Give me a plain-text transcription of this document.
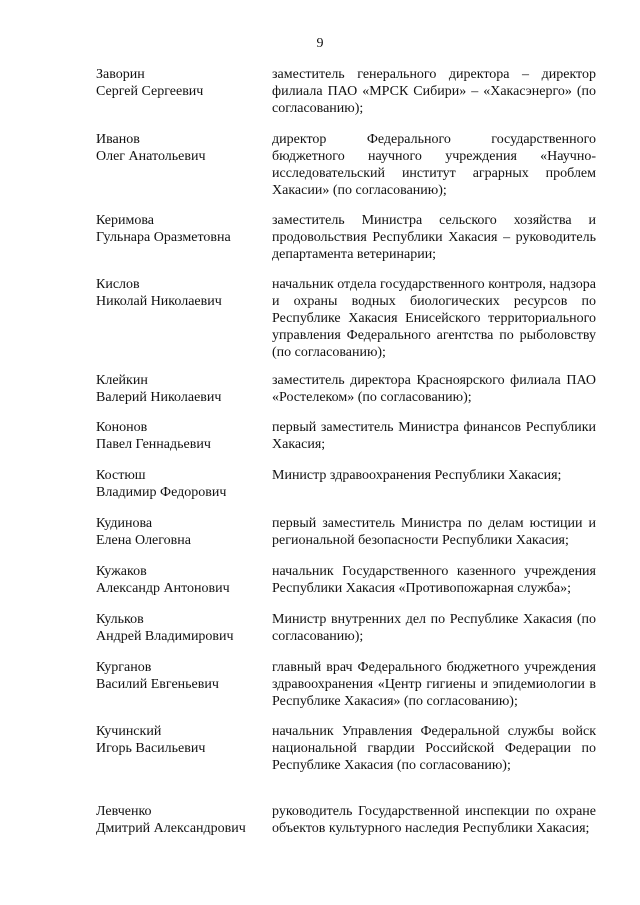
9
Заворин
Сергей Сергеевич
заместитель генерального директора – директор филиала ПАО «МРСК Сибири» – «Хакасэнерго» (по согласованию);
Иванов
Олег Анатольевич
директор Федерального государственного бюджетного научного учреждения «Научно-исследовательский институт аграрных проблем Хакасии» (по согласованию);
Керимова
Гульнара Оразметовна
заместитель Министра сельского хозяйства и продовольствия Республики Хакасия – руководитель департамента ветеринарии;
Кислов
Николай Николаевич
начальник отдела государственного контроля, надзора и охраны водных биологических ресурсов по Республике Хакасия Енисейского территориального управления Федерального агентства по рыболовству (по согласованию);
Клейкин
Валерий Николаевич
заместитель директора Красноярского филиала ПАО «Ростелеком» (по согласованию);
Кононов
Павел Геннадьевич
первый заместитель Министра финансов Республики Хакасия;
Костюш
Владимир Федорович
Министр здравоохранения Республики Хакасия;
Кудинова
Елена Олеговна
первый заместитель Министра по делам юстиции и региональной безопасности Республики Хакасия;
Кужаков
Александр Антонович
начальник Государственного казенного учреждения Республики Хакасия «Противопожарная служба»;
Кульков
Андрей Владимирович
Министр внутренних дел по Республике Хакасия (по согласованию);
Курганов
Василий Евгеньевич
главный врач Федерального бюджетного учреждения здравоохранения «Центр гигиены и эпидемиологии в Республике Хакасия» (по согласованию);
Кучинский
Игорь Васильевич
начальник Управления Федеральной службы войск национальной гвардии Российской Федерации по Республике Хакасия (по согласованию);
Левченко
Дмитрий Александрович
руководитель Государственной инспекции по охране объектов культурного наследия Республики Хакасия;
